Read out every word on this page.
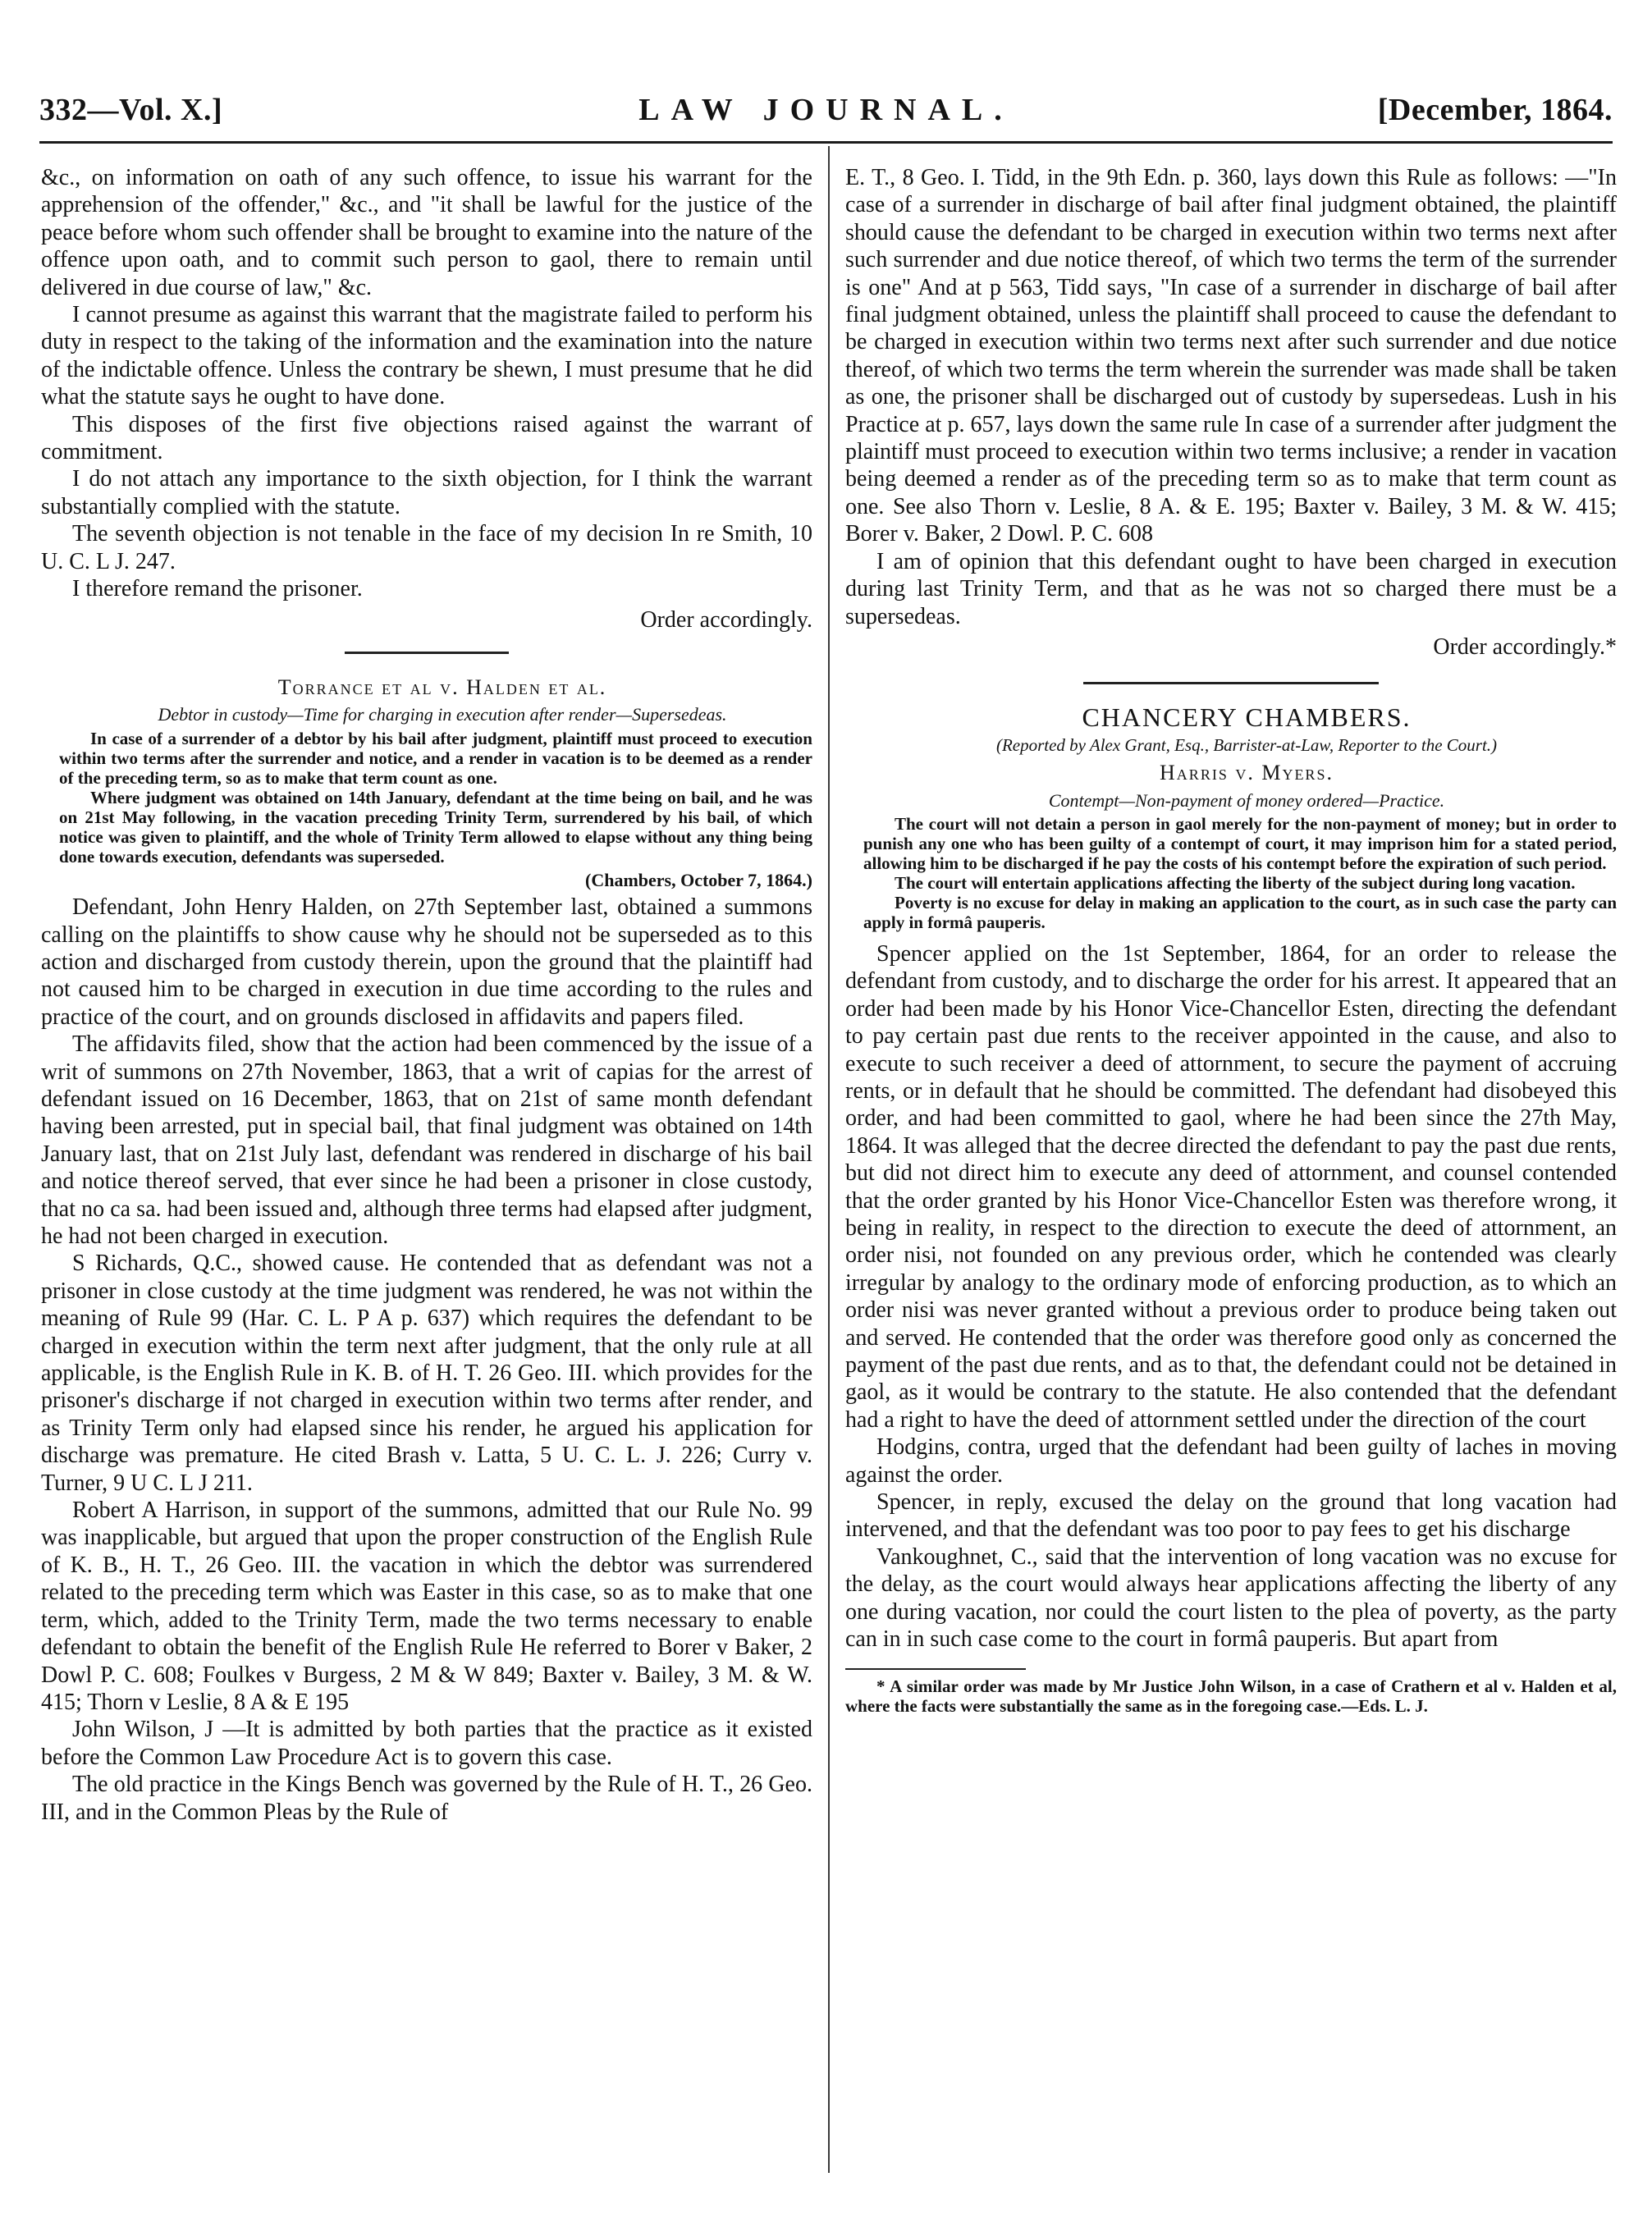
332—Vol. X.]	LAW JOURNAL.	[December, 1864.

&c., on information on oath of any such offence, to issue his warrant for the apprehension of the offender," &c., and "it shall be lawful for the justice of the peace before whom such offender shall be brought to examine into the nature of the offence upon oath, and to commit such person to gaol, there to remain until delivered in due course of law," &c.

I cannot presume as against this warrant that the magistrate failed to perform his duty in respect to the taking of the information and the examination into the nature of the indictable offence. Unless the contrary be shewn, I must presume that he did what the statute says he ought to have done.

This disposes of the first five objections raised against the warrant of commitment.

I do not attach any importance to the sixth objection, for I think the warrant substantially complied with the statute.

The seventh objection is not tenable in the face of my decision In re Smith, 10 U. C. L J. 247.

I therefore remand the prisoner.

Order accordingly.

Torrance et al v. Halden et al.

Debtor in custody—Time for charging in execution after render—Supersedeas.

In case of a surrender of a debtor by his bail after judgment, plaintiff must proceed to execution within two terms after the surrender and notice, and a render in vacation is to be deemed as a render of the preceding term, so as to make that term count as one.

Where judgment was obtained on 14th January, defendant at the time being on bail, and he was on 21st May following, in the vacation preceding Trinity Term, surrendered by his bail, of which notice was given to plaintiff, and the whole of Trinity Term allowed to elapse without any thing being done towards execution, defendants was superseded.

(Chambers, October 7, 1864.)

Defendant, John Henry Halden, on 27th September last, obtained a summons calling on the plaintiffs to show cause why he should not be superseded as to this action and discharged from custody therein, upon the ground that the plaintiff had not caused him to be charged in execution in due time according to the rules and practice of the court, and on grounds disclosed in affidavits and papers filed.

The affidavits filed, show that the action had been commenced by the issue of a writ of summons on 27th November, 1863, that a writ of capias for the arrest of defendant issued on 16 December, 1863, that on 21st of same month defendant having been arrested, put in special bail, that final judgment was obtained on 14th January last, that on 21st July last, defendant was rendered in discharge of his bail and notice thereof served, that ever since he had been a prisoner in close custody, that no ca sa. had been issued and, although three terms had elapsed after judgment, he had not been charged in execution.

S Richards, Q.C., showed cause. He contended that as defendant was not a prisoner in close custody at the time judgment was rendered, he was not within the meaning of Rule 99 (Har. C. L. P A p. 637) which requires the defendant to be charged in execution within the term next after judgment, that the only rule at all applicable, is the English Rule in K. B. of H. T. 26 Geo. III. which provides for the prisoner's discharge if not charged in execution within two terms after render, and as Trinity Term only had elapsed since his render, he argued his application for discharge was premature. He cited Brash v. Latta, 5 U. C. L. J. 226; Curry v. Turner, 9 U C. L J 211.

Robert A Harrison, in support of the summons, admitted that our Rule No. 99 was inapplicable, but argued that upon the proper construction of the English Rule of K. B., H. T., 26 Geo. III. the vacation in which the debtor was surrendered related to the preceding term which was Easter in this case, so as to make that one term, which, added to the Trinity Term, made the two terms necessary to enable defendant to obtain the benefit of the English Rule He referred to Borer v Baker, 2 Dowl P. C. 608; Foulkes v Burgess, 2 M & W 849; Baxter v. Bailey, 3 M. & W. 415; Thorn v Leslie, 8 A & E 195

John Wilson, J —It is admitted by both parties that the practice as it existed before the Common Law Procedure Act is to govern this case.

The old practice in the Kings Bench was governed by the Rule of H. T., 26 Geo. III, and in the Common Pleas by the Rule of

E. T., 8 Geo. I. Tidd, in the 9th Edn. p. 360, lays down this Rule as follows: —"In case of a surrender in discharge of bail after final judgment obtained, the plaintiff should cause the defendant to be charged in execution within two terms next after such surrender and due notice thereof, of which two terms the term of the surrender is one" And at p 563, Tidd says, "In case of a surrender in discharge of bail after final judgment obtained, unless the plaintiff shall proceed to cause the defendant to be charged in execution within two terms next after such surrender and due notice thereof, of which two terms the term wherein the surrender was made shall be taken as one, the prisoner shall be discharged out of custody by supersedeas. Lush in his Practice at p. 657, lays down the same rule In case of a surrender after judgment the plaintiff must proceed to execution within two terms inclusive; a render in vacation being deemed a render as of the preceding term so as to make that term count as one. See also Thorn v. Leslie, 8 A. & E. 195; Baxter v. Bailey, 3 M. & W. 415; Borer v. Baker, 2 Dowl. P. C. 608

I am of opinion that this defendant ought to have been charged in execution during last Trinity Term, and that as he was not so charged there must be a supersedeas.

Order accordingly.*

CHANCERY CHAMBERS.

(Reported by Alex Grant, Esq., Barrister-at-Law, Reporter to the Court.)

Harris v. Myers.

Contempt—Non-payment of money ordered—Practice.

The court will not detain a person in gaol merely for the non-payment of money; but in order to punish any one who has been guilty of a contempt of court, it may imprison him for a stated period, allowing him to be discharged if he pay the costs of his contempt before the expiration of such period.

The court will entertain applications affecting the liberty of the subject during long vacation.

Poverty is no excuse for delay in making an application to the court, as in such case the party can apply in formâ pauperis.

Spencer applied on the 1st September, 1864, for an order to release the defendant from custody, and to discharge the order for his arrest. It appeared that an order had been made by his Honor Vice-Chancellor Esten, directing the defendant to pay certain past due rents to the receiver appointed in the cause, and also to execute to such receiver a deed of attornment, to secure the payment of accruing rents, or in default that he should be committed. The defendant had disobeyed this order, and had been committed to gaol, where he had been since the 27th May, 1864. It was alleged that the decree directed the defendant to pay the past due rents, but did not direct him to execute any deed of attornment, and counsel contended that the order granted by his Honor Vice-Chancellor Esten was therefore wrong, it being in reality, in respect to the direction to execute the deed of attornment, an order nisi, not founded on any previous order, which he contended was clearly irregular by analogy to the ordinary mode of enforcing production, as to which an order nisi was never granted without a previous order to produce being taken out and served. He contended that the order was therefore good only as concerned the payment of the past due rents, and as to that, the defendant could not be detained in gaol, as it would be contrary to the statute. He also contended that the defendant had a right to have the deed of attornment settled under the direction of the court

Hodgins, contra, urged that the defendant had been guilty of laches in moving against the order.

Spencer, in reply, excused the delay on the ground that long vacation had intervened, and that the defendant was too poor to pay fees to get his discharge

Vankoughnet, C., said that the intervention of long vacation was no excuse for the delay, as the court would always hear applications affecting the liberty of any one during vacation, nor could the court listen to the plea of poverty, as the party can in in such case come to the court in formâ pauperis. But apart from

* A similar order was made by Mr Justice John Wilson, in a case of Crathern et al v. Halden et al, where the facts were substantially the same as in the foregoing case.—Eds. L. J.
